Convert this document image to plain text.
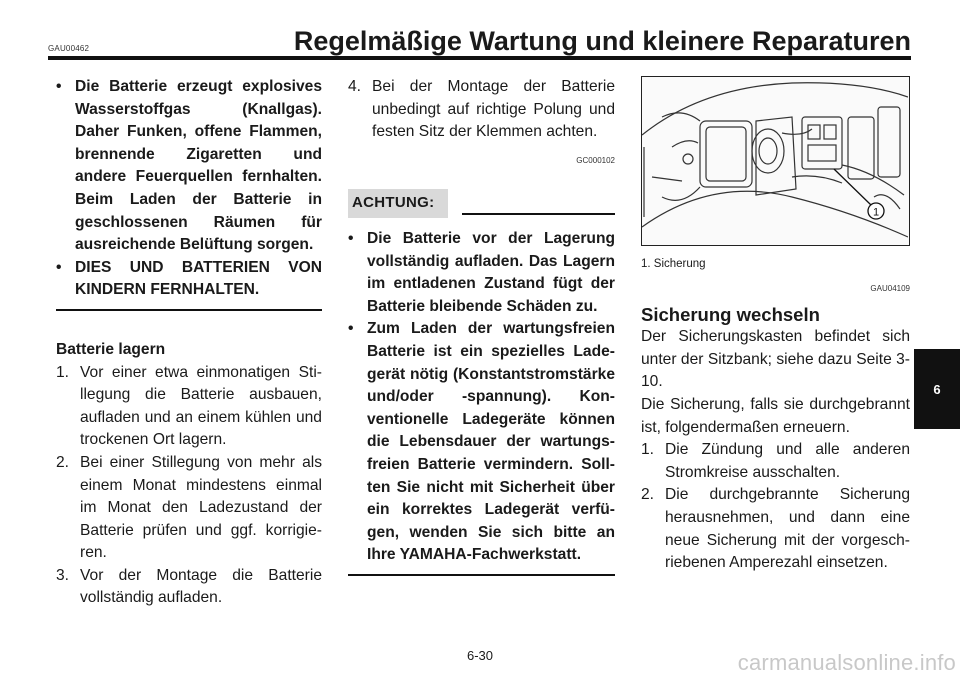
GAU00462	Regelmäßige Wartung und kleinere Reparaturen
• Die Batterie erzeugt explosives Wasserstoffgas (Knallgas). Daher Funken, offene Flammen, brennende Zigaretten und andere Feuerquellen fernhalten. Beim Laden der Batterie in geschlossenen Räumen für ausreichende Belüftung sorgen.
• DIES UND BATTERIEN VON KINDERN FERNHALTEN.
Batterie lagern
1. Vor einer etwa einmonatigen Stillegung die Batterie ausbauen, aufladen und an einem kühlen und trockenen Ort lagern.
2. Bei einer Stillegung von mehr als einem Monat mindestens einmal im Monat den Ladezustand der Batterie prüfen und ggf. korrigieren.
3. Vor der Montage die Batterie vollständig aufladen.
4. Bei der Montage der Batterie unbedingt auf richtige Polung und festen Sitz der Klemmen achten.
GC000102
ACHTUNG:
• Die Batterie vor der Lagerung vollständig aufladen. Das Lagern im entladenen Zustand fügt der Batterie bleibende Schäden zu.
• Zum Laden der wartungsfreien Batterie ist ein spezielles Ladegerät nötig (Konstantstromstärke und/oder -spannung). Konventionelle Ladegeräte können die Lebensdauer der wartungsfreien Batterie vermindern. Sollten Sie nicht mit Sicherheit über ein korrektes Ladegerät verfügen, wenden Sie sich bitte an Ihre YAMAHA-Fachwerkstatt.
1
1. Sicherung
GAU04109
Sicherung wechseln
Der Sicherungskasten befindet sich unter der Sitzbank; siehe dazu Seite 3-10.
Die Sicherung, falls sie durchgebrannt ist, folgendermaßen erneuern.
1. Die Zündung und alle anderen Stromkreise ausschalten.
2. Die durchgebrannte Sicherung herausnehmen, und dann eine neue Sicherung mit der vorgeschriebenen Amperezahl einsetzen.
6
6-30	carmanualsonline.info
